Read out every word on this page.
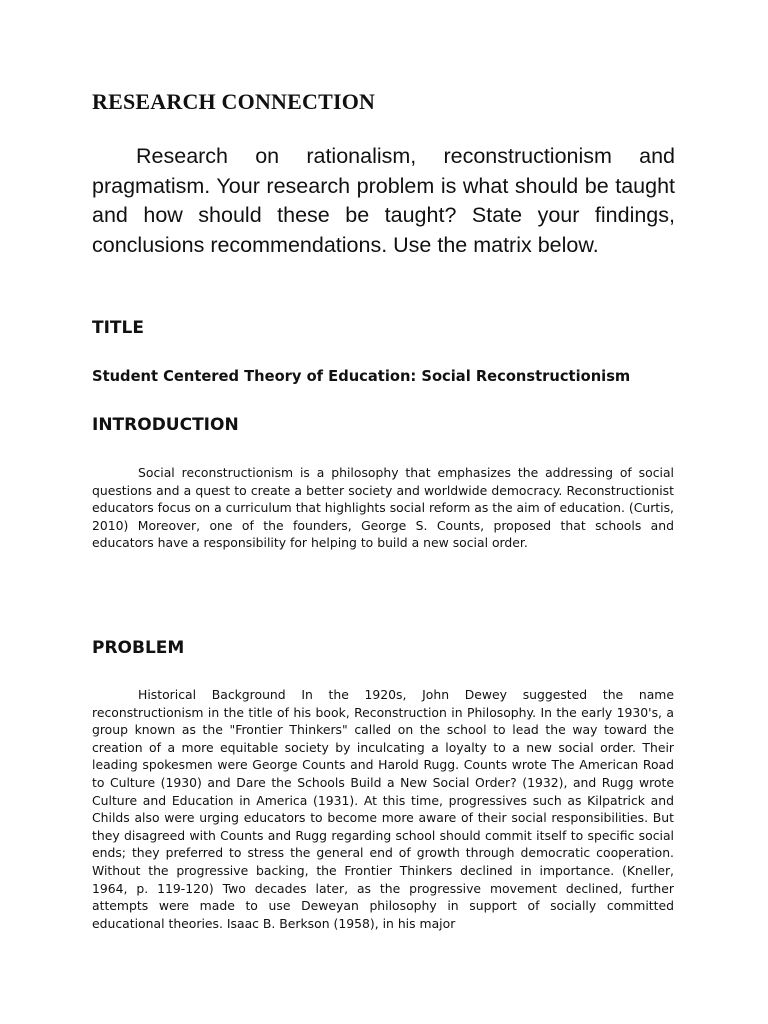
RESEARCH CONNECTION

Research on rationalism, reconstructionism and pragmatism. Your research problem is what should be taught and how should these be taught? State your findings, conclusions recommendations. Use the matrix below.

TITLE

Student Centered Theory of Education: Social Reconstructionism

INTRODUCTION

Social reconstructionism is a philosophy that emphasizes the addressing of social questions and a quest to create a better society and worldwide democracy. Reconstructionist educators focus on a curriculum that highlights social reform as the aim of education. (Curtis, 2010) Moreover, one of the founders, George S. Counts, proposed that schools and educators have a responsibility for helping to build a new social order.

PROBLEM

Historical Background In the 1920s, John Dewey suggested the name reconstructionism in the title of his book, Reconstruction in Philosophy. In the early 1930's, a group known as the "Frontier Thinkers" called on the school to lead the way toward the creation of a more equitable society by inculcating a loyalty to a new social order. Their leading spokesmen were George Counts and Harold Rugg. Counts wrote The American Road to Culture (1930) and Dare the Schools Build a New Social Order? (1932), and Rugg wrote Culture and Education in America (1931). At this time, progressives such as Kilpatrick and Childs also were urging educators to become more aware of their social responsibilities. But they disagreed with Counts and Rugg regarding school should commit itself to specific social ends; they preferred to stress the general end of growth through democratic cooperation. Without the progressive backing, the Frontier Thinkers declined in importance. (Kneller, 1964, p. 119-120) Two decades later, as the progressive movement declined, further attempts were made to use Deweyan philosophy in support of socially committed educational theories. Isaac B. Berkson (1958), in his major
